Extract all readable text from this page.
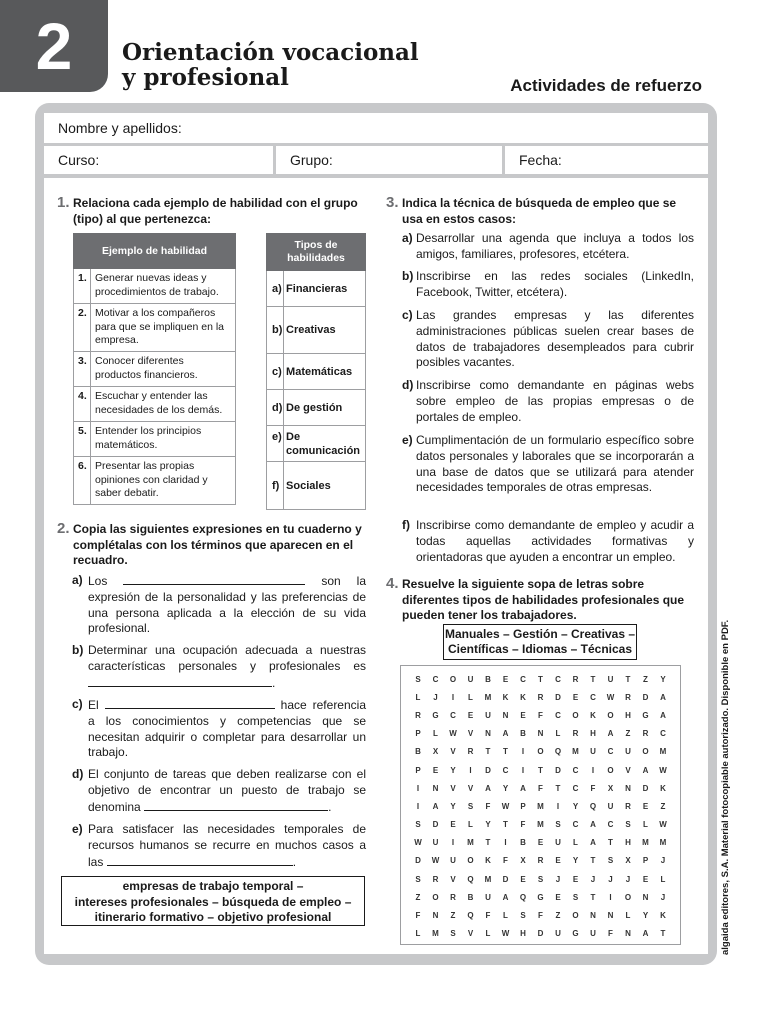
2	Orientación vocacional
y profesional	Actividades de refuerzo
Nombre y apellidos:
Curso:	Grupo:	Fecha:
1. Relaciona cada ejemplo de habilidad con el grupo (tipo) al que pertenezca:
Ejemplo de habilidad	
1.	Generar nuevas ideas y procedimientos de trabajo.
2.	Motivar a los compañeros para que se impliquen en la empresa.
3.	Conocer diferentes productos financieros.
4.	Escuchar y entender las necesidades de los demás.
5.	Entender los principios matemáticos.
6.	Presentar las propias opiniones con claridad y saber debatir.
Tipos de habilidades	
a)	Financieras
b)	Creativas
c)	Matemáticas
d)	De gestión
e)	De comunicación
f)	Sociales
2. Copia las siguientes expresiones en tu cuaderno y complétalas con los términos que aparecen en el recuadro.
a) Los	son la expresión de la personalidad y las preferencias de una persona aplicada a la elección de su vida profesional.
b) Determinar una ocupación adecuada a nuestras características personales y profesionales es .
c) El	hace referencia a los conocimientos y competencias que se necesitan adquirir o completar para desarrollar un trabajo.
d) El conjunto de tareas que deben realizarse con el objetivo de encontrar un puesto de trabajo se denomina	.
e) Para satisfacer las necesidades temporales de recursos humanos se recurre en muchos casos a las	.
empresas de trabajo temporal –
intereses profesionales – búsqueda de empleo –
itinerario formativo – objetivo profesional
3. Indica la técnica de búsqueda de empleo que se usa en estos casos:
a) Desarrollar una agenda que incluya a todos los amigos, familiares, profesores, etcétera.
b) Inscribirse en las redes sociales (LinkedIn, Facebook, Twitter, etcétera).
c) Las grandes empresas y las diferentes administraciones públicas suelen crear bases de datos de trabajadores desempleados para cubrir posibles vacantes.
d) Inscribirse como demandante en páginas webs sobre empleo de las propias empresas o de portales de empleo.
e) Cumplimentación de un formulario específico sobre datos personales y laborales que se incorporarán a una base de datos que se utilizará para atender necesidades temporales de otras empresas.
f) Inscribirse como demandante de empleo y acudir a todas aquellas actividades formativas y orientadoras que ayuden a encontrar un empleo.
4. Resuelve la siguiente sopa de letras sobre diferentes tipos de habilidades profesionales que pueden tener los trabajadores.
Manuales – Gestión – Creativas –
Científicas – Idiomas – Técnicas
S	C	O	U	B	E	C	T	C	R	T	U	T	Z	Y
L	J	I	L	M	K	K	R	D	E	C	W	R	D	A
R	G	C	E	U	N	E	F	C	O	K	O	H	G	A
P	L	W	V	N	A	B	N	L	R	H	A	Z	R	C
B	X	V	R	T	T	I	O	Q	M	U	C	U	O	M
P	E	Y	I	D	C	I	T	D	C	I	O	V	A	W
I	N	V	V	A	Y	A	F	T	C	F	X	N	D	K
I	A	Y	S	F	W	P	M	I	Y	Q	U	R	E	Z
S	D	E	L	Y	T	F	M	S	C	A	C	S	L	W
W	U	I	M	T	I	B	E	U	L	A	T	H	M	M
D	W	U	O	K	F	X	R	E	Y	T	S	X	P	J
S	R	V	Q	M	D	E	S	J	E	J	J	J	E	L
Z	O	R	B	U	A	Q	G	E	S	T	I	O	N	J
F	N	Z	Q	F	L	S	F	Z	O	N	N	L	Y	K
L	M	S	V	L	W	H	D	U	G	U	F	N	A	T	algaida editores, S.A. Material fotocopiable autorizado. Disponible en PDF.
